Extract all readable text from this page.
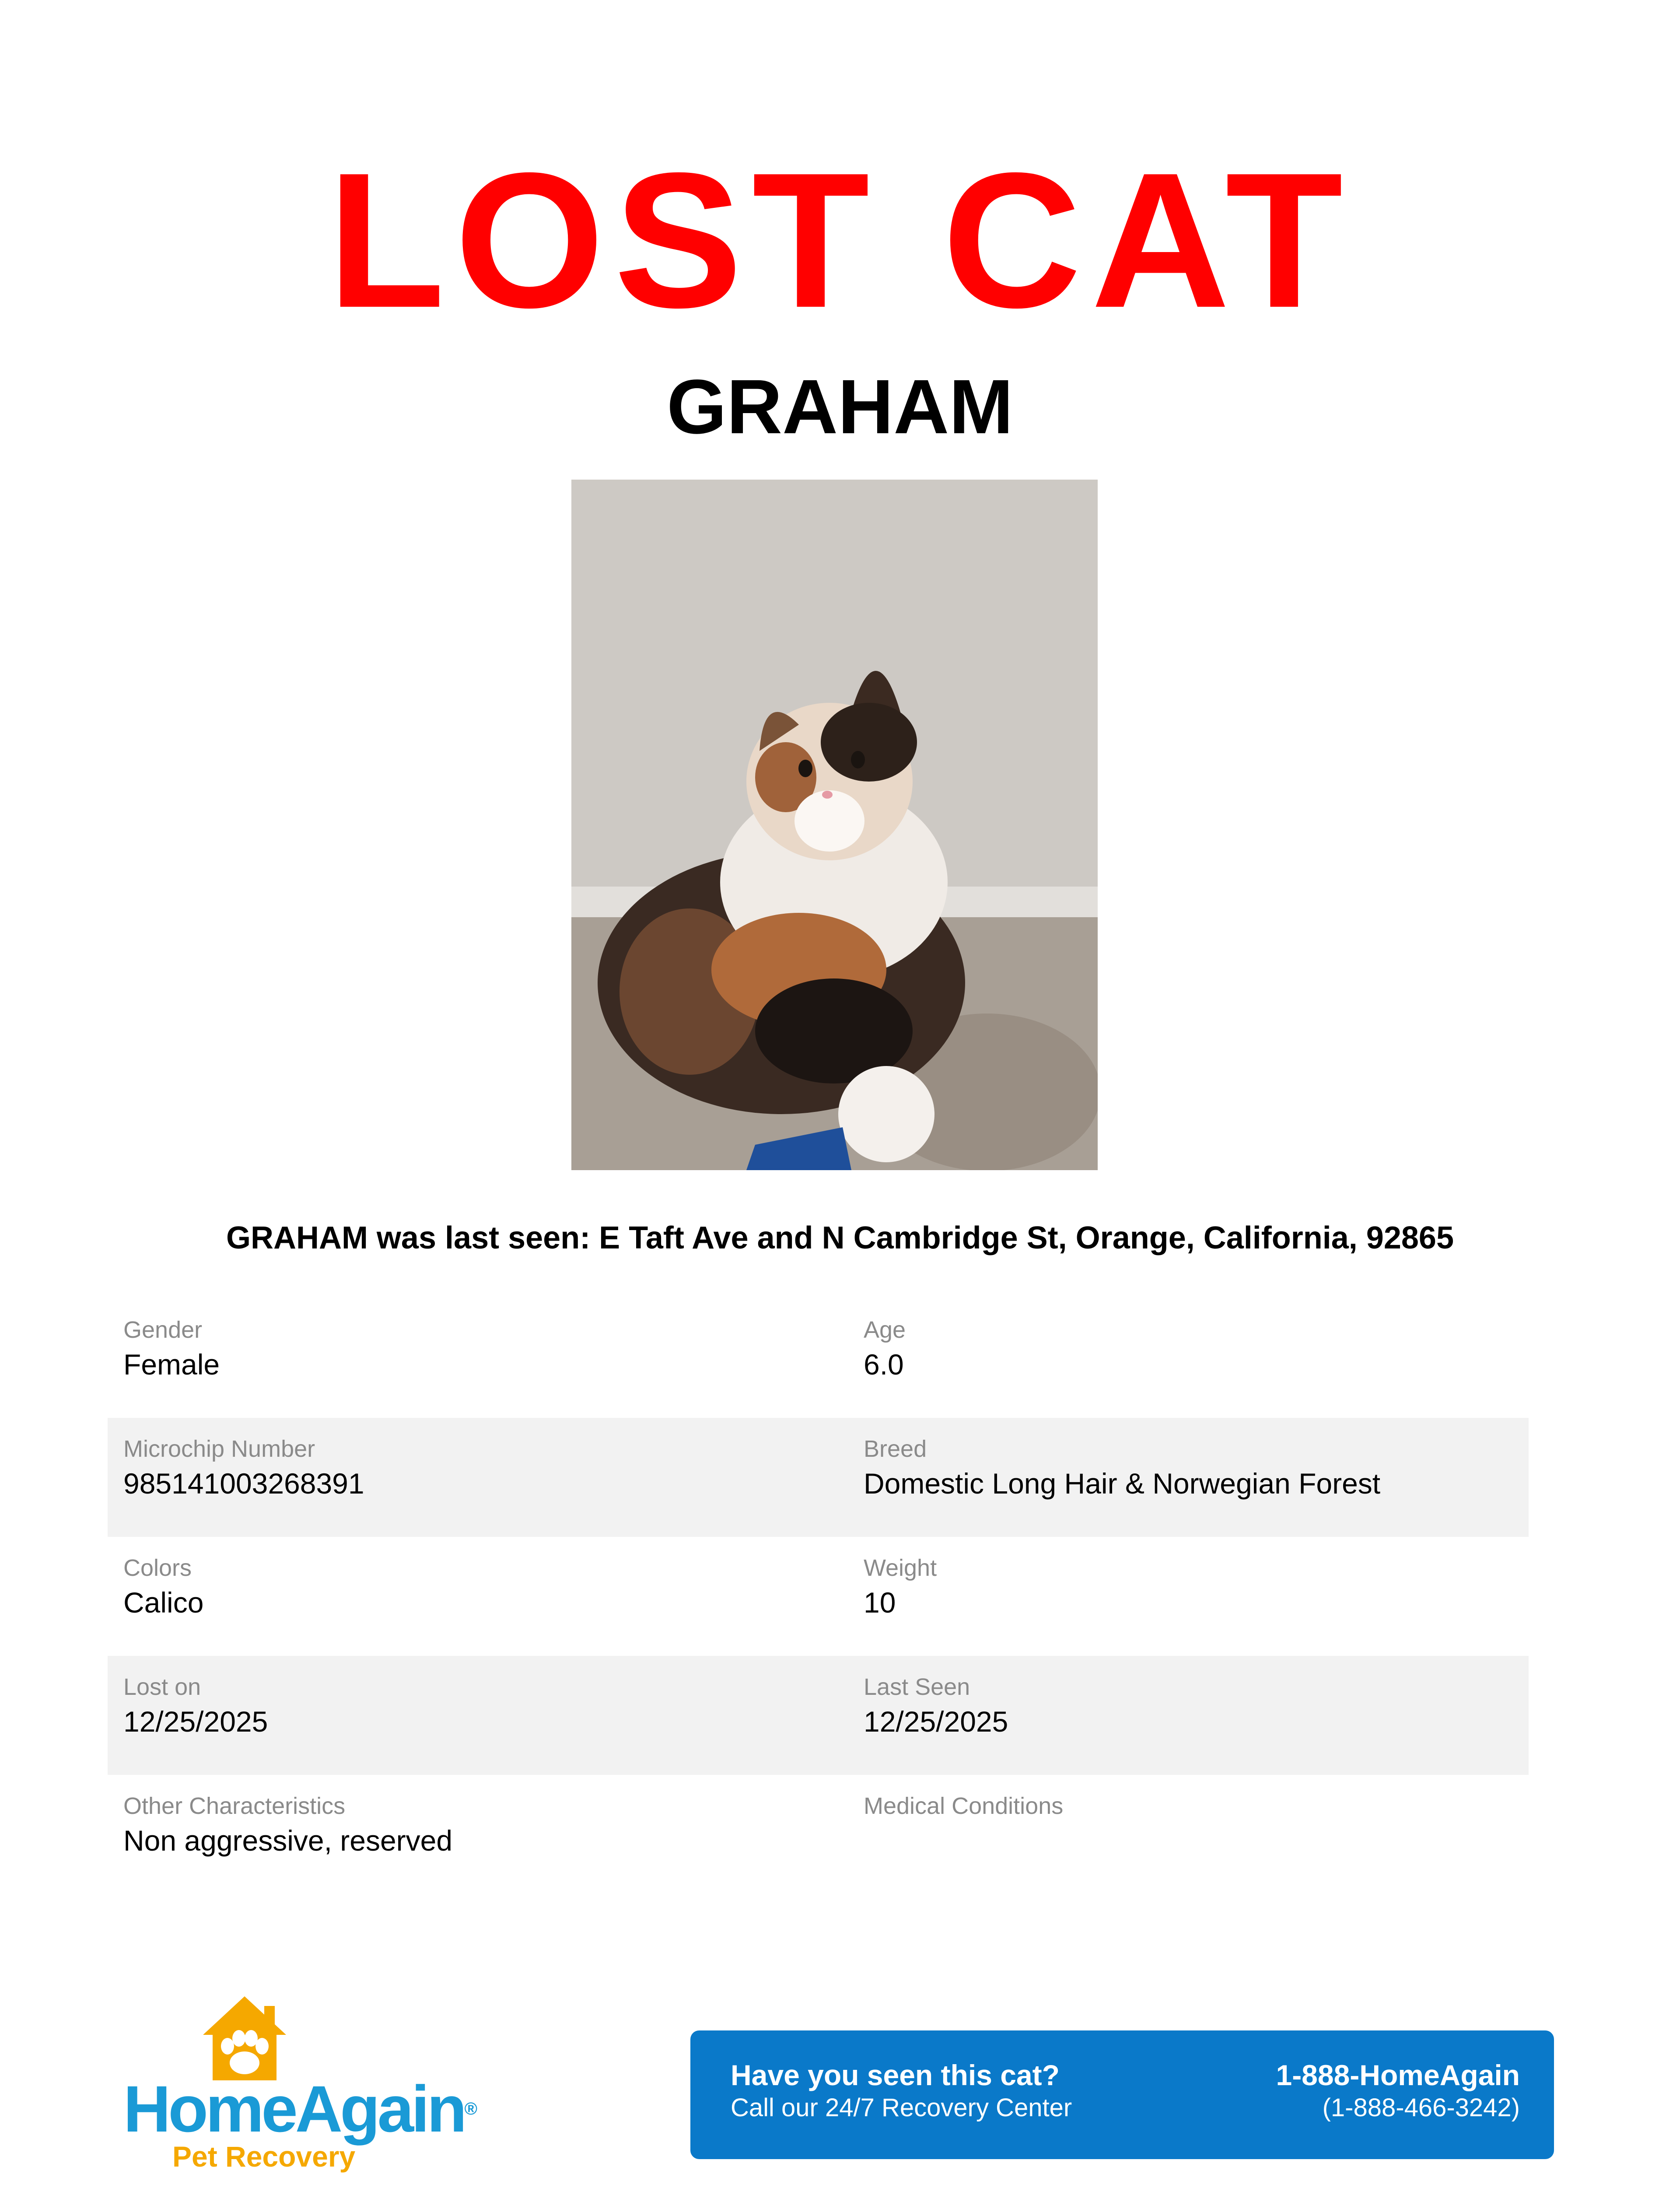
LOST CAT
GRAHAM
GRAHAM was last seen: E Taft Ave and N Cambridge St, Orange, California, 92865
Gender
Female
Age
6.0
Microchip Number
985141003268391
Breed
Domestic Long Hair & Norwegian Forest
Colors
Calico
Weight
10
Lost on
12/25/2025
Last Seen
12/25/2025
Other Characteristics
Non aggressive, reserved
Medical Conditions
HomeAgain®
Pet Recovery
Have you seen this cat?
Call our 24/7 Recovery Center
1-888-HomeAgain
(1-888-466-3242)
